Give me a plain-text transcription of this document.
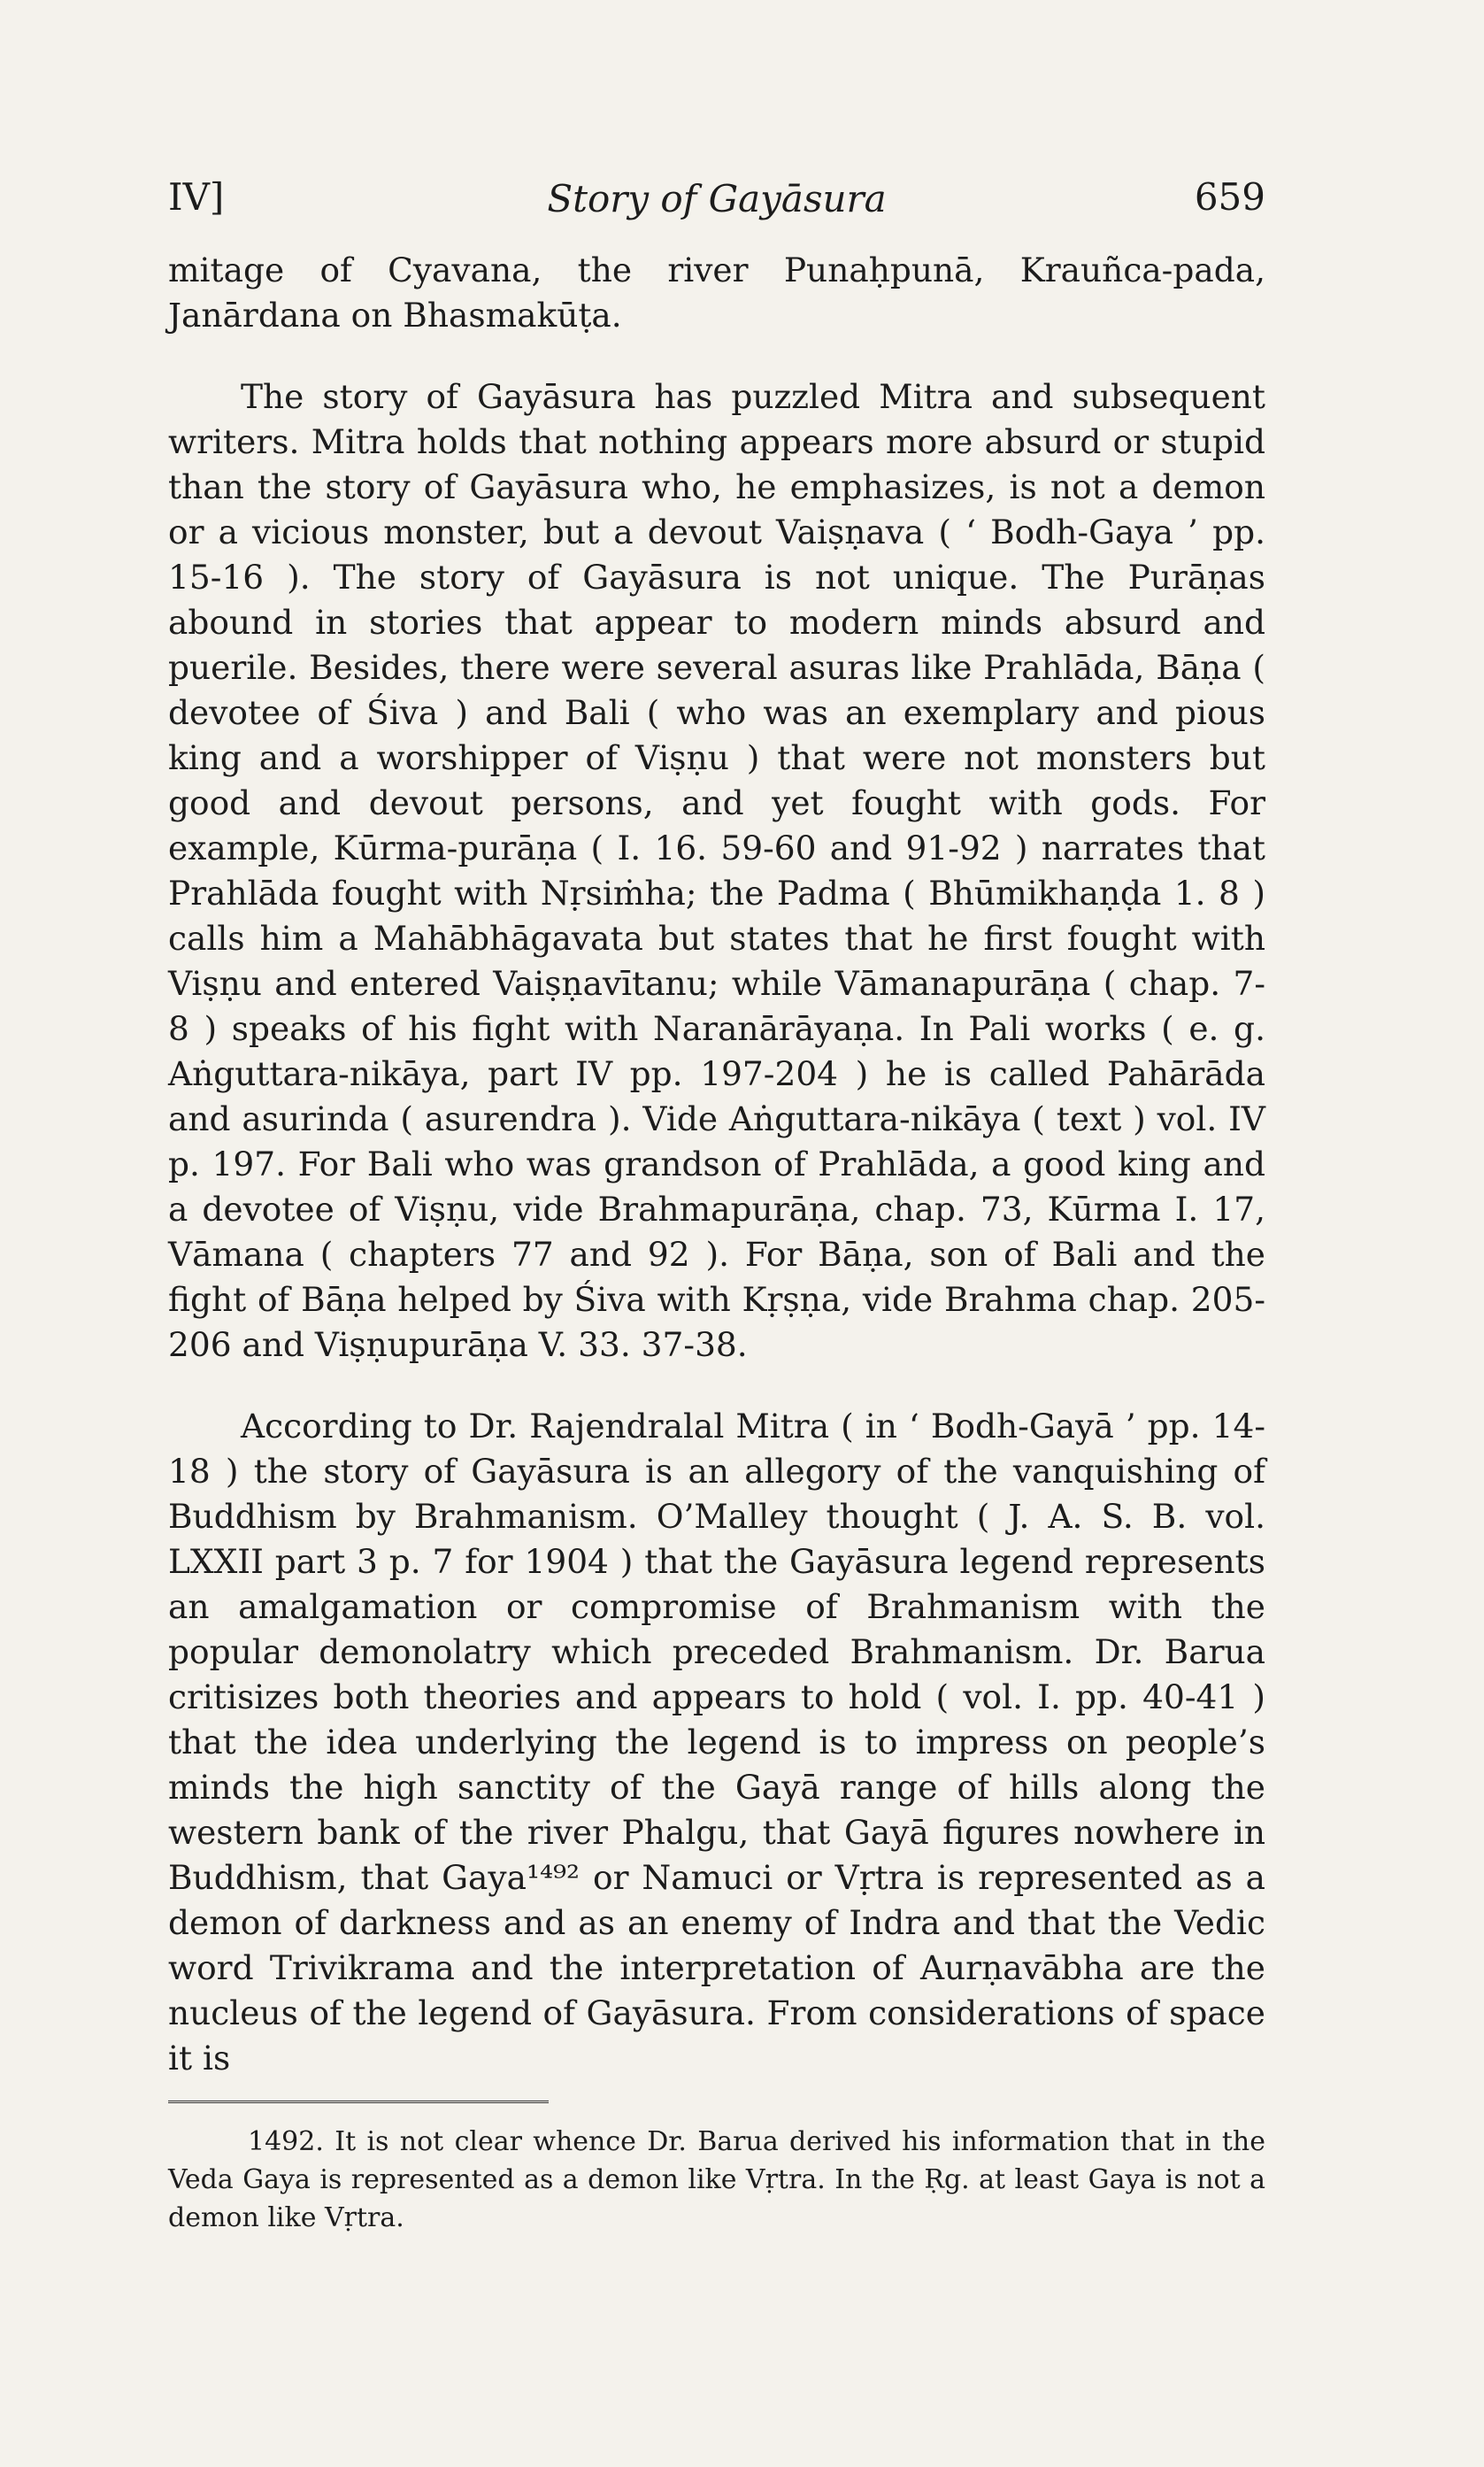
IV]	Story of Gayāsura	659

mitage of Cyavana, the river Punaḥpunā, Krauñca-pada, Janārdana on Bhasmakūṭa.

The story of Gayāsura has puzzled Mitra and subsequent writers. Mitra holds that nothing appears more absurd or stupid than the story of Gayāsura who, he emphasizes, is not a demon or a vicious monster, but a devout Vaiṣṇava ( ‘ Bodh-Gaya ’ pp. 15-16 ). The story of Gayāsura is not unique. The Purāṇas abound in stories that appear to modern minds absurd and puerile. Besides, there were several asuras like Prahlāda, Bāṇa ( devotee of Śiva ) and Bali ( who was an exemplary and pious king and a worshipper of Viṣṇu ) that were not monsters but good and devout persons, and yet fought with gods. For example, Kūrma-purāṇa ( I. 16. 59-60 and 91-92 ) narrates that Prahlāda fought with Nṛsiṁha; the Padma ( Bhūmikhaṇḍa 1. 8 ) calls him a Mahābhāgavata but states that he first fought with Viṣṇu and entered Vaiṣṇavītanu; while Vāmanapurāṇa ( chap. 7-8 ) speaks of his fight with Naranārāyaṇa. In Pali works ( e. g. Aṅguttara-nikāya, part IV pp. 197-204 ) he is called Pahārāda and asurinda ( asurendra ). Vide Aṅguttara-nikāya ( text ) vol. IV p. 197. For Bali who was grandson of Prahlāda, a good king and a devotee of Viṣṇu, vide Brahmapurāṇa, chap. 73, Kūrma I. 17, Vāmana ( chapters 77 and 92 ). For Bāṇa, son of Bali and the fight of Bāṇa helped by Śiva with Kṛṣṇa, vide Brahma chap. 205-206 and Viṣṇupurāṇa V. 33. 37-38.

According to Dr. Rajendralal Mitra ( in ‘ Bodh-Gayā ’ pp. 14-18 ) the story of Gayāsura is an allegory of the vanquishing of Buddhism by Brahmanism. O’Malley thought ( J. A. S. B. vol. LXXII part 3 p. 7 for 1904 ) that the Gayāsura legend represents an amalgamation or compromise of Brahmanism with the popular demonolatry which preceded Brahmanism. Dr. Barua critisizes both theories and appears to hold ( vol. I. pp. 40-41 ) that the idea underlying the legend is to impress on people’s minds the high sanctity of the Gayā range of hills along the western bank of the river Phalgu, that Gayā figures nowhere in Buddhism, that Gaya¹⁴⁹² or Namuci or Vṛtra is represented as a demon of darkness and as an enemy of Indra and that the Vedic word Trivikrama and the interpretation of Aurṇavābha are the nucleus of the legend of Gayāsura. From considerations of space it is

1492. It is not clear whence Dr. Barua derived his information that in the Veda Gaya is represented as a demon like Vṛtra. In the Ṛg. at least Gaya is not a demon like Vṛtra.
